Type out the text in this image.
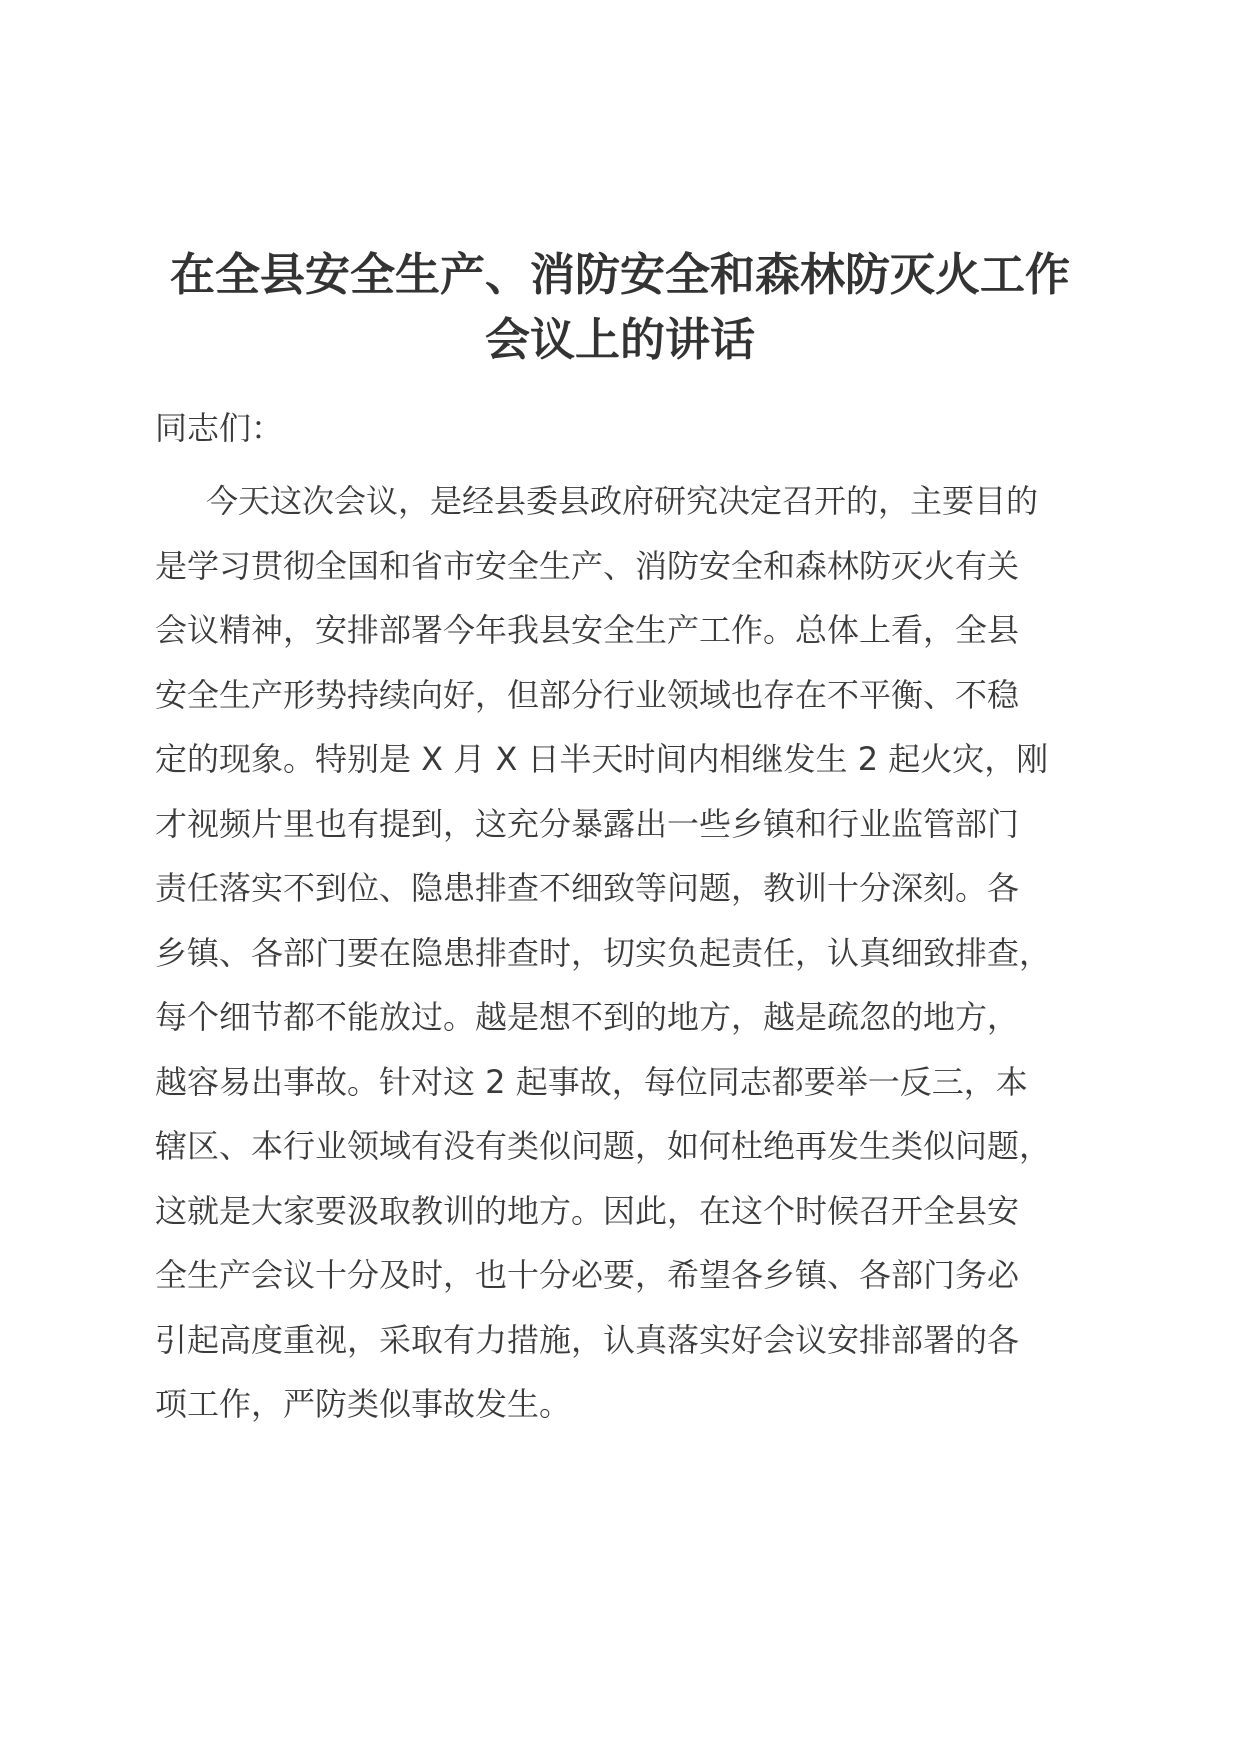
在全县安全生产、消防安全和森林防灭火工作
会议上的讲话
同志们：
今天这次会议，是经县委县政府研究决定召开的，主要目的
是学习贯彻全国和省市安全生产、消防安全和森林防灭火有关
会议精神，安排部署今年我县安全生产工作。总体上看，全县
安全生产形势持续向好，但部分行业领域也存在不平衡、不稳
定的现象。特别是 X 月 X 日半天时间内相继发生 2 起火灾，刚
才视频片里也有提到，这充分暴露出一些乡镇和行业监管部门
责任落实不到位、隐患排查不细致等问题，教训十分深刻。各
乡镇、各部门要在隐患排查时，切实负起责任，认真细致排查，
每个细节都不能放过。越是想不到的地方，越是疏忽的地方，
越容易出事故。针对这 2 起事故，每位同志都要举一反三，本
辖区、本行业领域有没有类似问题，如何杜绝再发生类似问题，
这就是大家要汲取教训的地方。因此，在这个时候召开全县安
全生产会议十分及时，也十分必要，希望各乡镇、各部门务必
引起高度重视，采取有力措施，认真落实好会议安排部署的各
项工作，严防类似事故发生。
